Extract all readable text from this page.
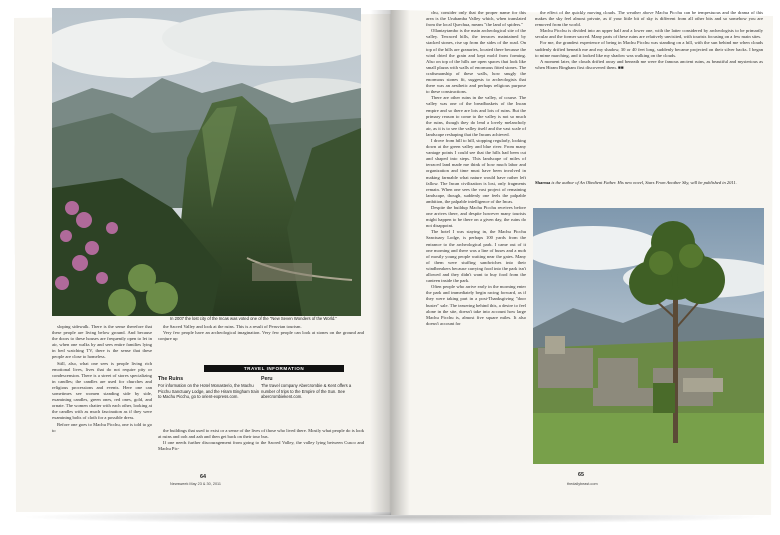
In 2007 the lost city of the Incas was voted one of the "New Seven Wonders of the World."

sloping sidewalk. There is the sense therefore that these people are living below ground. And because the doors to these houses are frequently open to let in air, when one walks by and sees entire families lying in bed watching TV, there is the sense that these people are close to homeless.

Still, also, what one sees is people living rich emotional lives, lives that do not require pity or condescension. There is a street of stores specializing in candles; the candles are used for churches and religious processions and events. Here one can sometimes see women standing side by side, examining candles, green ones, red ones, gold, and ornate. The women chatter with each other, looking at the candles with as much fascination as if they were examining bolts of cloth for a possible dress.

Before one goes to Machu Picchu, one is told to go to

the Sacred Valley and look at the ruins. This is a result of Peruvian tourism.

Very few people have an archeological imagination. Very few people can look at stones on the ground and conjure up

TRAVEL INFORMATION
The Ruins
For information on the Hotel Monasterio, the Machu Picchu Sanctuary Lodge, and the Hiram Bingham train to Machu Picchu, go to orient-express.com.
Peru
The travel company Abercrombie & Kent offers a number of trips to the Empire of the Sun. See abercrombiekent.com.

the buildings that used to exist or a sense of the lives of those who lived there. Mostly what people do is look at ruins and ooh and aah and then get back on their tour bus.

If one needs further discouragement from going to the Sacred Valley, the valley lying between Cusco and Machu Pic-

64
Newsweek May 23 & 30, 2011

chu, consider only that the proper name for this area is the Urubamba Valley which, when translated from the local Quechua, means "the land of spiders."

Ollantaytambo is the main archeological site of the valley. Terraced hills, the terraces maintained by stacked stones, rise up from the sides of the road. On top of the hills are granaries, located there because the wind dried the grain and kept mold from forming. Also on top of the hills are open spaces that look like small plazas with walls of enormous fitted stones. The craftsmanship of these walls, how snugly the enormous stones fit, suggests to archeologists that there was an aesthetic and perhaps religious purpose to these constructions.

There are other ruins in the valley, of course. The valley was one of the breadbaskets of the Incan empire and so there are lots and lots of ruins. But the primary reason to come to the valley is not so much the ruins, though they do lend a lovely melancholy air, as it is to see the valley itself and the vast scale of landscape reshaping that the Incans achieved.

I drove from hill to hill, stopping regularly, looking down at the green valley and blue river. From many vantage points I could see that the hills had been cut and shaped into steps. This landscape of miles of terraced land made me think of how much labor and organization and time must have been involved in making farmable what nature would have rather left fallow. The Incan civilization is lost, only fragments remain. When one sees the vast project of remaining landscape, though, suddenly one feels the palpable ambition, the palpable intelligence of the Incas.

Despite the buildup Machu Picchu receives before one arrives there, and despite however many tourists might happen to be there on a given day, the ruins do not disappoint.

The hotel I was staying in, the Machu Picchu Sanctuary Lodge, is perhaps 100 yards from the entrance to the archeological park. I came out of it one morning and there was a line of buses and a mob of mostly young people waiting near the gates. Many of them were stuffing sandwiches into their windbreakers because carrying food into the park isn't allowed and they didn't want to buy food from the canteen inside the park.

Often people who arrive early in the morning enter the park and immediately begin racing forward, as if they were taking part in a post-Thanksgiving "door buster" sale. The teasering behind this, a desire to feel alone in the site, doesn't take into account how large Machu Picchu is, almost five square miles. It also doesn't account for

the effect of the quickly moving clouds. The weather above Machu Picchu can be tempestuous and the drama of this makes the sky feel almost private, as if your little bit of sky is different from all other bits and so somehow you are removed from the world.

Machu Picchu is divided into an upper half and a lower one, with the latter considered by archeologists to be primarily secular and the former sacred. Many parts of these ruins are relatively unvisited, with tourists focusing on a few main sites.

For me, the grandest experience of being in Machu Picchu was standing on a hill, with the sun behind me when clouds suddenly drifted beneath me and my shadow, 30 or 40 feet long, suddenly became projected on their silver backs. I began to mime marching, and it looked like my shadow was walking on the clouds.

A moment later, the clouds drifted away and beneath me were the famous ancient ruins, as beautiful and mysterious as when Hiram Bingham first discovered them. ■■

Sharma is the author of An Obedient Father. His new novel, Stars From Another Sky, will be published in 2011.
65
thedailybeast.com
